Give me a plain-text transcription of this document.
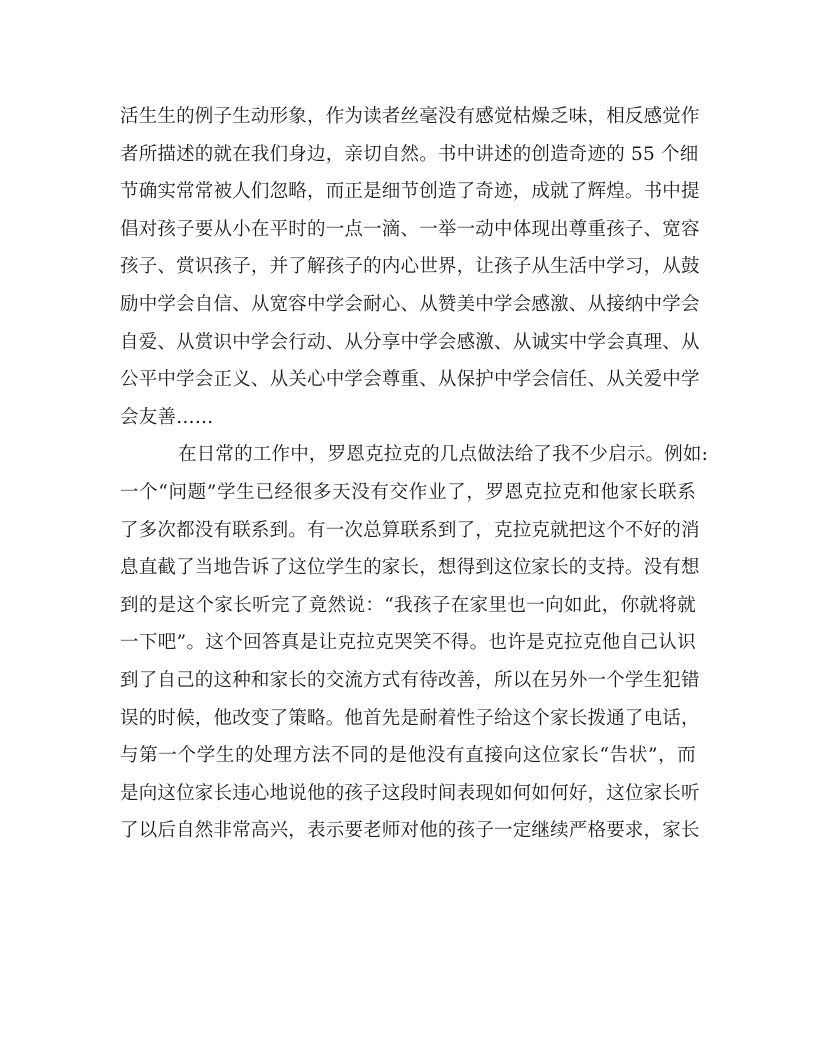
活生生的例子生动形象，作为读者丝毫没有感觉枯燥乏味，相反感觉作
者所描述的就在我们身边，亲切自然。书中讲述的创造奇迹的 55 个细
节确实常常被人们忽略，而正是细节创造了奇迹，成就了辉煌。书中提
倡对孩子要从小在平时的一点一滴、一举一动中体现出尊重孩子、宽容
孩子、赏识孩子，并了解孩子的内心世界，让孩子从生活中学习，从鼓
励中学会自信、从宽容中学会耐心、从赞美中学会感激、从接纳中学会
自爱、从赏识中学会行动、从分享中学会感激、从诚实中学会真理、从
公平中学会正义、从关心中学会尊重、从保护中学会信任、从关爱中学
会友善……
在日常的工作中，罗恩克拉克的几点做法给了我不少启示。例如:
一个“问题”学生已经很多天没有交作业了，罗恩克拉克和他家长联系
了多次都没有联系到。有一次总算联系到了，克拉克就把这个不好的消
息直截了当地告诉了这位学生的家长，想得到这位家长的支持。没有想
到的是这个家长听完了竟然说：“我孩子在家里也一向如此，你就将就
一下吧”。这个回答真是让克拉克哭笑不得。也许是克拉克他自己认识
到了自己的这种和家长的交流方式有待改善，所以在另外一个学生犯错
误的时候，他改变了策略。他首先是耐着性子给这个家长拨通了电话，
与第一个学生的处理方法不同的是他没有直接向这位家长“告状”，而
是向这位家长违心地说他的孩子这段时间表现如何如何好，这位家长听
了以后自然非常高兴，表示要老师对他的孩子一定继续严格要求，家长
